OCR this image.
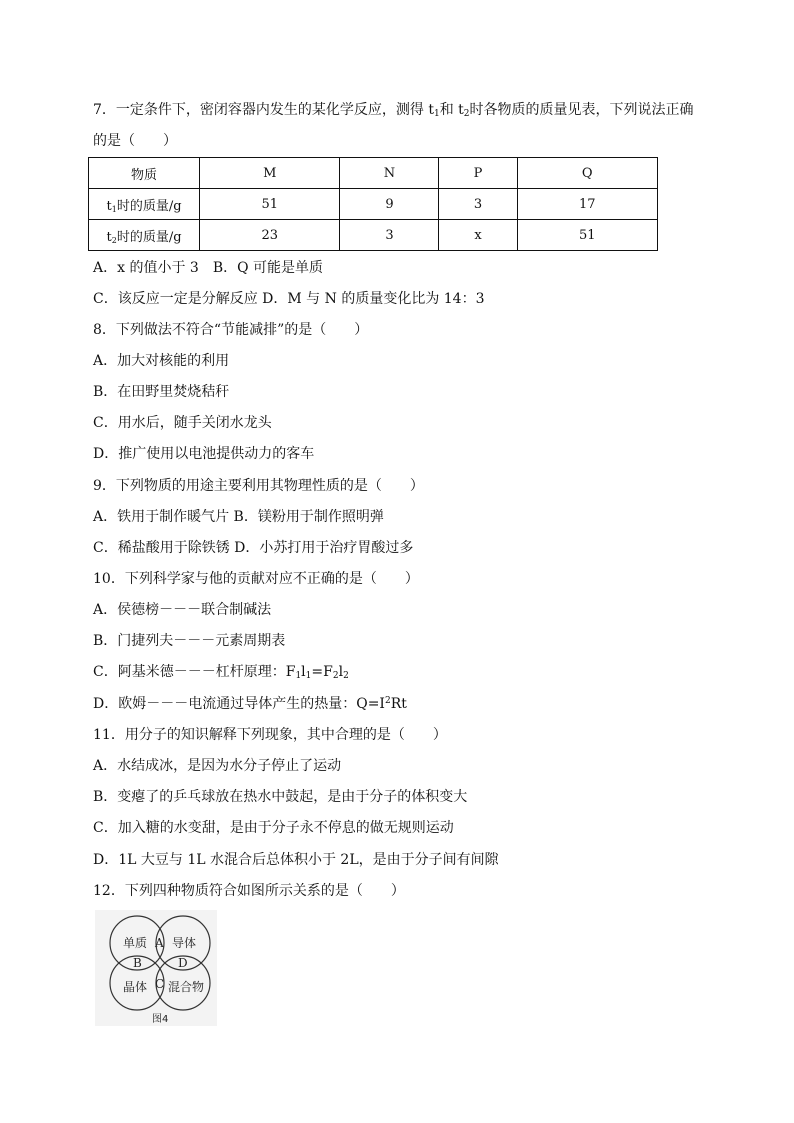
7．一定条件下，密闭容器内发生的某化学反应，测得 $t_1$和 $t_2$时各物质的质量见表，下列说法正确
的是（　　）
物质	M	N	P	Q
$t_1$时的质量/g	51	9	3	17
$t_2$时的质量/g	23	3	x	51
A．x 的值小于 3　B．Q 可能是单质
C．该反应一定是分解反应 D．M 与 N 的质量变化比为 14：3
8．下列做法不符合“节能减排”的是（　　）
A．加大对核能的利用
B．在田野里焚烧秸秆
C．用水后，随手关闭水龙头
D．推广使用以电池提供动力的客车
9．下列物质的用途主要利用其物理性质的是（　　）
A．铁用于制作暖气片 B．镁粉用于制作照明弹
C．稀盐酸用于除铁锈 D．小苏打用于治疗胃酸过多
10．下列科学家与他的贡献对应不正确的是（　　）
A．侯德榜－－－联合制碱法
B．门捷列夫－－－元素周期表
C．阿基米德－－－杠杆原理：$F_1l_1=F_2l_2$
D．欧姆－－－电流通过导体产生的热量：$Q=I^2Rt$
11．用分子的知识解释下列现象，其中合理的是（　　）
A．水结成冰，是因为水分子停止了运动
B．变瘪了的乒乓球放在热水中鼓起，是由于分子的体积变大
C．加入糖的水变甜，是由于分子永不停息的做无规则运动
D．1L 大豆与 1L 水混合后总体积小于 2L，是由于分子间有间隙
12．下列四种物质符合如图所示关系的是（　　）
单质 导体
晶体 混合物
A
B
C
D
图4
